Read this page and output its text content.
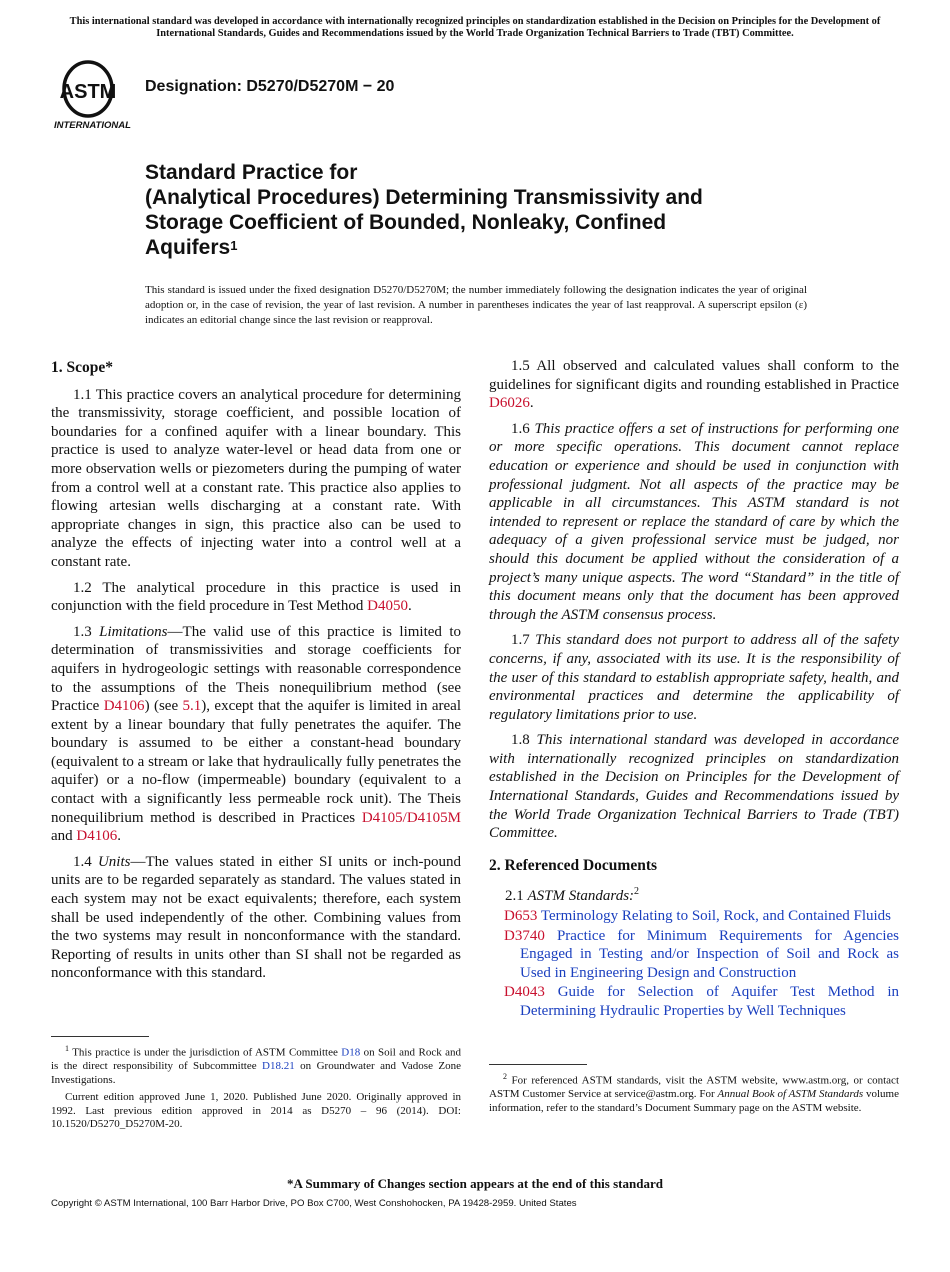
This international standard was developed in accordance with internationally recognized principles on standardization established in the Decision on Principles for the Development of International Standards, Guides and Recommendations issued by the World Trade Organization Technical Barriers to Trade (TBT) Committee.
ASTM
INTERNATIONAL
Designation: D5270/D5270M − 20
Standard Practice for
(Analytical Procedures) Determining Transmissivity and
Storage Coefficient of Bounded, Nonleaky, Confined
Aquifers$^1$
This standard is issued under the fixed designation D5270/D5270M; the number immediately following the designation indicates the year of original adoption or, in the case of revision, the year of last revision. A number in parentheses indicates the year of last reapproval. A superscript epsilon (ε) indicates an editorial change since the last revision or reapproval.
1. Scope*

1.1 This practice covers an analytical procedure for determining the transmissivity, storage coefficient, and possible location of boundaries for a confined aquifer with a linear boundary. This practice is used to analyze water-level or head data from one or more observation wells or piezometers during the pumping of water from a control well at a constant rate. This practice also applies to flowing artesian wells discharging at a constant rate. With appropriate changes in sign, this practice also can be used to analyze the effects of injecting water into a control well at a constant rate.

1.2 The analytical procedure in this practice is used in conjunction with the field procedure in Test Method D4050.

1.3 Limitations—The valid use of this practice is limited to determination of transmissivities and storage coefficients for aquifers in hydrogeologic settings with reasonable correspondence to the assumptions of the Theis nonequilibrium method (see Practice D4106) (see 5.1), except that the aquifer is limited in areal extent by a linear boundary that fully penetrates the aquifer. The boundary is assumed to be either a constant-head boundary (equivalent to a stream or lake that hydraulically fully penetrates the aquifer) or a no-flow (impermeable) boundary (equivalent to a contact with a significantly less permeable rock unit). The Theis nonequilibrium method is described in Practices D4105/D4105M and D4106.

1.4 Units—The values stated in either SI units or inch-pound units are to be regarded separately as standard. The values stated in each system may not be exact equivalents; therefore, each system shall be used independently of the other. Combining values from the two systems may result in nonconformance with the standard. Reporting of results in units other than SI shall not be regarded as nonconformance with this standard.

1.5 All observed and calculated values shall conform to the guidelines for significant digits and rounding established in Practice D6026.

1.6 This practice offers a set of instructions for performing one or more specific operations. This document cannot replace education or experience and should be used in conjunction with professional judgment. Not all aspects of the practice may be applicable in all circumstances. This ASTM standard is not intended to represent or replace the standard of care by which the adequacy of a given professional service must be judged, nor should this document be applied without the consideration of a project’s many unique aspects. The word “Standard” in the title of this document means only that the document has been approved through the ASTM consensus process.

1.7 This standard does not purport to address all of the safety concerns, if any, associated with its use. It is the responsibility of the user of this standard to establish appropriate safety, health, and environmental practices and determine the applicability of regulatory limitations prior to use.

1.8 This international standard was developed in accordance with internationally recognized principles on standardization established in the Decision on Principles for the Development of International Standards, Guides and Recommendations issued by the World Trade Organization Technical Barriers to Trade (TBT) Committee.

2. Referenced Documents
2.1 ASTM Standards:$^2$
D653 Terminology Relating to Soil, Rock, and Contained Fluids
D3740 Practice for Minimum Requirements for Agencies Engaged in Testing and/or Inspection of Soil and Rock as Used in Engineering Design and Construction
D4043 Guide for Selection of Aquifer Test Method in Determining Hydraulic Properties by Well Techniques

$^1$ This practice is under the jurisdiction of ASTM Committee D18 on Soil and Rock and is the direct responsibility of Subcommittee D18.21 on Groundwater and Vadose Zone Investigations.

Current edition approved June 1, 2020. Published June 2020. Originally approved in 1992. Last previous edition approved in 2014 as D5270 – 96 (2014). DOI: 10.1520/D5270_D5270M-20.

$^2$ For referenced ASTM standards, visit the ASTM website, www.astm.org, or contact ASTM Customer Service at service@astm.org. For Annual Book of ASTM Standards volume information, refer to the standard’s Document Summary page on the ASTM website.

*A Summary of Changes section appears at the end of this standard
Copyright © ASTM International, 100 Barr Harbor Drive, PO Box C700, West Conshohocken, PA 19428-2959. United States
